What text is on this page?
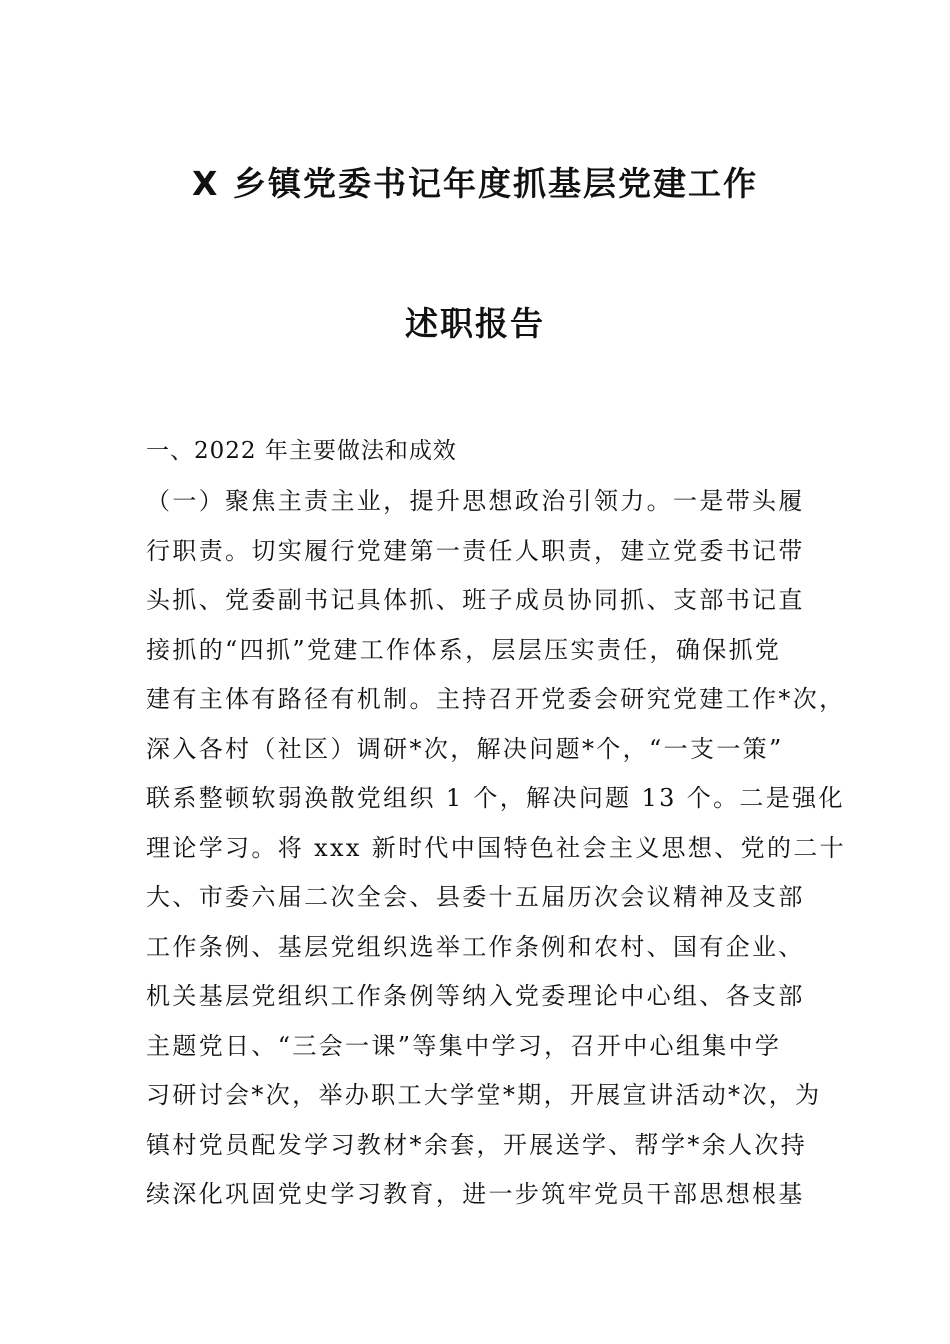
X 乡镇党委书记年度抓基层党建工作
述职报告

一、2022 年主要做法和成效

（一）聚焦主责主业，提升思想政治引领力。一是带头履
行职责。切实履行党建第一责任人职责，建立党委书记带
头抓、党委副书记具体抓、班子成员协同抓、支部书记直
接抓的“四抓”党建工作体系，层层压实责任，确保抓党
建有主体有路径有机制。主持召开党委会研究党建工作*次，
深入各村（社区）调研*次，解决问题*个，“一支一策”
联系整顿软弱涣散党组织 1 个，解决问题 13 个。二是强化
理论学习。将 xxx 新时代中国特色社会主义思想、党的二十
大、市委六届二次全会、县委十五届历次会议精神及支部
工作条例、基层党组织选举工作条例和农村、国有企业、
机关基层党组织工作条例等纳入党委理论中心组、各支部
主题党日、“三会一课”等集中学习，召开中心组集中学
习研讨会*次，举办职工大学堂*期，开展宣讲活动*次，为
镇村党员配发学习教材*余套，开展送学、帮学*余人次持
续深化巩固党史学习教育，进一步筑牢党员干部思想根基
